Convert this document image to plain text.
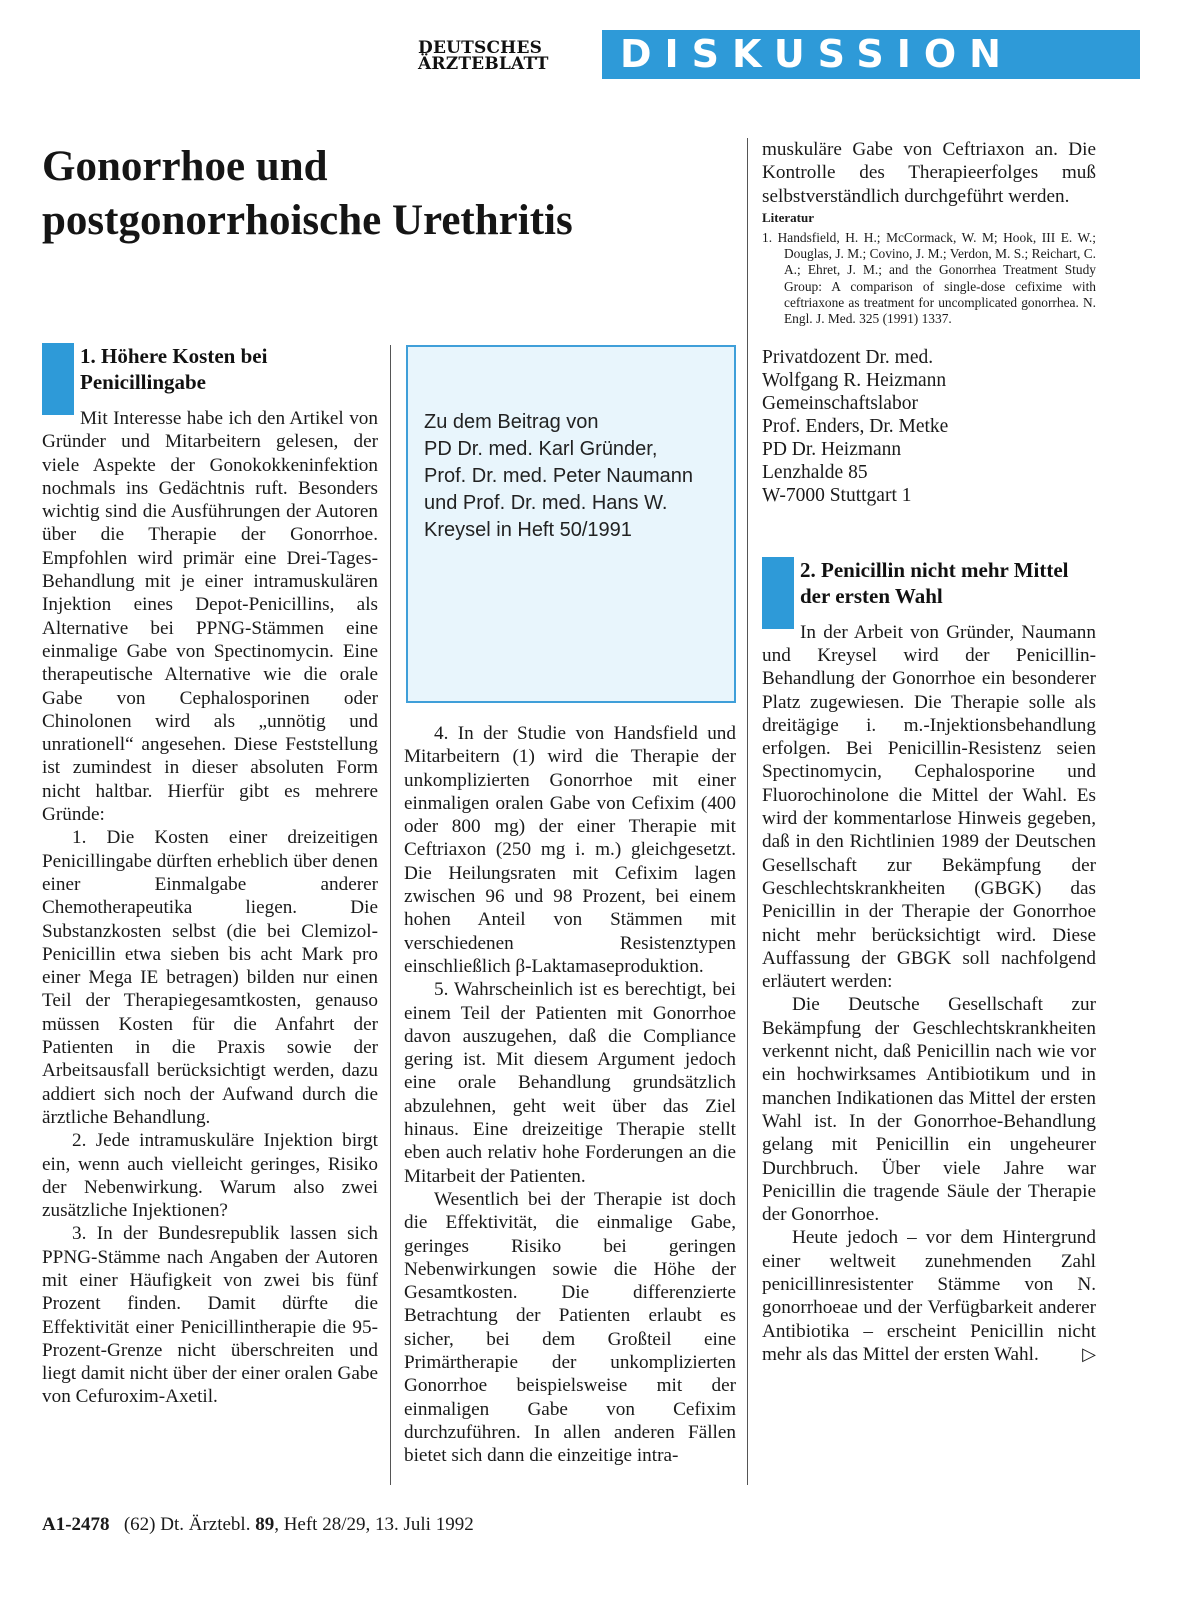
DEUTSCHES
ÄRZTEBLATT	DISKUSSION
Gonorrhoe und
postgonorrhoische Urethritis

1. Höhere Kosten bei Penicillingabe

Mit Interesse habe ich den Artikel von Gründer und Mitarbeitern gelesen, der viele Aspekte der Gonokokkeninfektion nochmals ins Gedächtnis ruft. Besonders wichtig sind die Ausführungen der Autoren über die Therapie der Gonorrhoe. Empfohlen wird primär eine Drei-Tages-Behandlung mit je einer intramuskulären Injektion eines Depot-Penicillins, als Alternative bei PPNG-Stämmen eine einmalige Gabe von Spectinomycin. Eine therapeutische Alternative wie die orale Gabe von Cephalosporinen oder Chinolonen wird als „unnötig und unrationell“ angesehen. Diese Feststellung ist zumindest in dieser absoluten Form nicht haltbar. Hierfür gibt es mehrere Gründe:

1. Die Kosten einer dreizeitigen Penicillingabe dürften erheblich über denen einer Einmalgabe anderer Chemotherapeutika liegen. Die Substanzkosten selbst (die bei Clemizol-Penicillin etwa sieben bis acht Mark pro einer Mega IE betragen) bilden nur einen Teil der Therapiegesamtkosten, genauso müssen Kosten für die Anfahrt der Patienten in die Praxis sowie der Arbeitsausfall berücksichtigt werden, dazu addiert sich noch der Aufwand durch die ärztliche Behandlung.

2. Jede intramuskuläre Injektion birgt ein, wenn auch vielleicht geringes, Risiko der Nebenwirkung. Warum also zwei zusätzliche Injektionen?

3. In der Bundesrepublik lassen sich PPNG-Stämme nach Angaben der Autoren mit einer Häufigkeit von zwei bis fünf Prozent finden. Damit dürfte die Effektivität einer Penicillintherapie die 95-Prozent-Grenze nicht überschreiten und liegt damit nicht über der einer oralen Gabe von Cefuroxim-Axetil.

Zu dem Beitrag von
PD Dr. med. Karl Gründer,
Prof. Dr. med. Peter Naumann
und Prof. Dr. med. Hans W.
Kreysel in Heft 50/1991

4. In der Studie von Handsfield und Mitarbeitern (1) wird die Therapie der unkomplizierten Gonorrhoe mit einer einmaligen oralen Gabe von Cefixim (400 oder 800 mg) der einer Therapie mit Ceftriaxon (250 mg i. m.) gleichgesetzt. Die Heilungsraten mit Cefixim lagen zwischen 96 und 98 Prozent, bei einem hohen Anteil von Stämmen mit verschiedenen Resistenztypen einschließlich β-Laktamaseproduktion.

5. Wahrscheinlich ist es berechtigt, bei einem Teil der Patienten mit Gonorrhoe davon auszugehen, daß die Compliance gering ist. Mit diesem Argument jedoch eine orale Behandlung grundsätzlich abzulehnen, geht weit über das Ziel hinaus. Eine dreizeitige Therapie stellt eben auch relativ hohe Forderungen an die Mitarbeit der Patienten.

Wesentlich bei der Therapie ist doch die Effektivität, die einmalige Gabe, geringes Risiko bei geringen Nebenwirkungen sowie die Höhe der Gesamtkosten. Die differenzierte Betrachtung der Patienten erlaubt es sicher, bei dem Großteil eine Primärtherapie der unkomplizierten Gonorrhoe beispielsweise mit der einmaligen Gabe von Cefixim durchzuführen. In allen anderen Fällen bietet sich dann die einzeitige intra-

muskuläre Gabe von Ceftriaxon an. Die Kontrolle des Therapieerfolges muß selbstverständlich durchgeführt werden.

Literatur

1. Handsfield, H. H.; McCormack, W. M; Hook, III E. W.; Douglas, J. M.; Covino, J. M.; Verdon, M. S.; Reichart, C. A.; Ehret, J. M.; and the Gonorrhea Treatment Study Group: A comparison of single-dose cefixime with ceftriaxone as treatment for uncomplicated gonorrhea. N. Engl. J. Med. 325 (1991) 1337.

Privatdozent Dr. med.
Wolfgang R. Heizmann
Gemeinschaftslabor
Prof. Enders, Dr. Metke
PD Dr. Heizmann
Lenzhalde 85
W-7000 Stuttgart 1

2. Penicillin nicht mehr Mittel der ersten Wahl

In der Arbeit von Gründer, Naumann und Kreysel wird der Penicillin-Behandlung der Gonorrhoe ein besonderer Platz zugewiesen. Die Therapie solle als dreitägige i. m.-Injektionsbehandlung erfolgen. Bei Penicillin-Resistenz seien Spectinomycin, Cephalosporine und Fluorochinolone die Mittel der Wahl. Es wird der kommentarlose Hinweis gegeben, daß in den Richtlinien 1989 der Deutschen Gesellschaft zur Bekämpfung der Geschlechtskrankheiten (GBGK) das Penicillin in der Therapie der Gonorrhoe nicht mehr berücksichtigt wird. Diese Auffassung der GBGK soll nachfolgend erläutert werden:

Die Deutsche Gesellschaft zur Bekämpfung der Geschlechtskrankheiten verkennt nicht, daß Penicillin nach wie vor ein hochwirksames Antibiotikum und in manchen Indikationen das Mittel der ersten Wahl ist. In der Gonorrhoe-Behandlung gelang mit Penicillin ein ungeheurer Durchbruch. Über viele Jahre war Penicillin die tragende Säule der Therapie der Gonorrhoe.

Heute jedoch – vor dem Hintergrund einer weltweit zunehmenden Zahl penicillinresistenter Stämme von N. gonorrhoeae und der Verfügbarkeit anderer Antibiotika – erscheint Penicillin nicht mehr als das Mittel der ersten Wahl.	▷

A1-2478 (62) Dt. Ärztebl. 89, Heft 28/29, 13. Juli 1992
